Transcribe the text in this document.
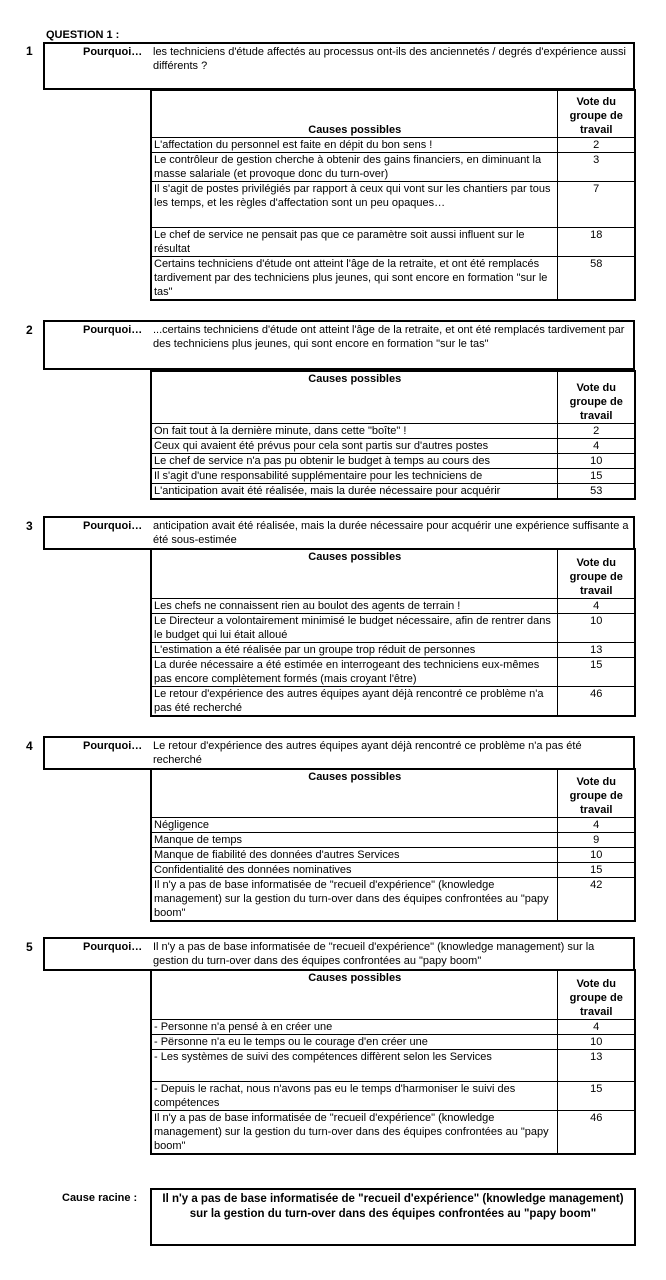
QUESTION 1 :
1	Pourquoi… les techniciens d'étude affectés au processus ont-ils des anciennetés / degrés d'expérience aussi différents ?
Causes possibles	Vote du groupe de travail
L'affectation du personnel est faite en dépit du bon sens !	2
Le contrôleur de gestion cherche à obtenir des gains financiers, en diminuant la masse salariale (et provoque donc du turn-over)	3
Il s'agit de postes privilégiés par rapport à ceux qui vont sur les chantiers par tous les temps, et les règles d'affectation sont un peu opaques…	7
Le chef de service ne pensait pas que ce paramètre soit aussi influent sur le résultat	18
Certains techniciens d'étude ont atteint l'âge de la retraite, et ont été remplacés tardivement par des techniciens plus jeunes, qui sont encore en formation "sur le tas"	58
2	Pourquoi… ...certains techniciens d'étude ont atteint l'âge de la retraite, et ont été remplacés tardivement par des techniciens plus jeunes, qui sont encore en formation "sur le tas"
Causes possibles	Vote du groupe de travail
On fait tout à la dernière minute, dans cette "boîte" !	2
Ceux qui avaient été prévus pour cela sont partis sur d'autres postes	4
Le chef de service n'a pas pu obtenir le budget à temps au cours des	10
Il s'agit d'une responsabilité supplémentaire pour les techniciens de	15
L'anticipation avait été réalisée, mais la durée nécessaire pour acquérir	53
3	Pourquoi… anticipation avait été réalisée, mais la durée nécessaire pour acquérir une expérience suffisante a été sous-estimée
Causes possibles	Vote du groupe de travail
Les chefs ne connaissent rien au boulot des agents de terrain !	4
Le Directeur a volontairement minimisé le budget nécessaire, afin de rentrer dans le budget qui lui était alloué	10
L'estimation a été réalisée par un groupe trop réduit de personnes	13
La durée nécessaire a été estimée en interrogeant des techniciens eux-mêmes pas encore complètement formés (mais croyant l'être)	15
Le retour d'expérience des autres équipes ayant déjà rencontré ce problème n'a pas été recherché	46
4	Pourquoi… Le retour d'expérience des autres équipes ayant déjà rencontré ce problème n'a pas été recherché
Causes possibles	Vote du groupe de travail
Négligence	4
Manque de temps	9
Manque de fiabilité des données d'autres Services	10
Confidentialité des données nominatives	15
Il n'y a pas de base informatisée de "recueil d'expérience" (knowledge management) sur la gestion du turn-over dans des équipes confrontées au "papy boom"	42
5	Pourquoi… Il n'y a pas de base informatisée de "recueil d'expérience" (knowledge management) sur la gestion du turn-over dans des équipes confrontées au "papy boom"
Causes possibles	Vote du groupe de travail
- Personne n'a pensé à en créer une	4
- Përsonne n'a eu le temps ou le courage d'en créer une	10
- Les systèmes de suivi des compétences diffèrent selon les Services	13
- Depuis le rachat, nous n'avons pas eu le temps d'harmoniser le suivi des compétences	15
Il n'y a pas de base informatisée de "recueil d'expérience" (knowledge management) sur la gestion du turn-over dans des équipes confrontées au "papy boom"	46
Cause racine :	Il n'y a pas de base informatisée de "recueil d'expérience" (knowledge management) sur la gestion du turn-over dans des équipes confrontées au "papy boom"
